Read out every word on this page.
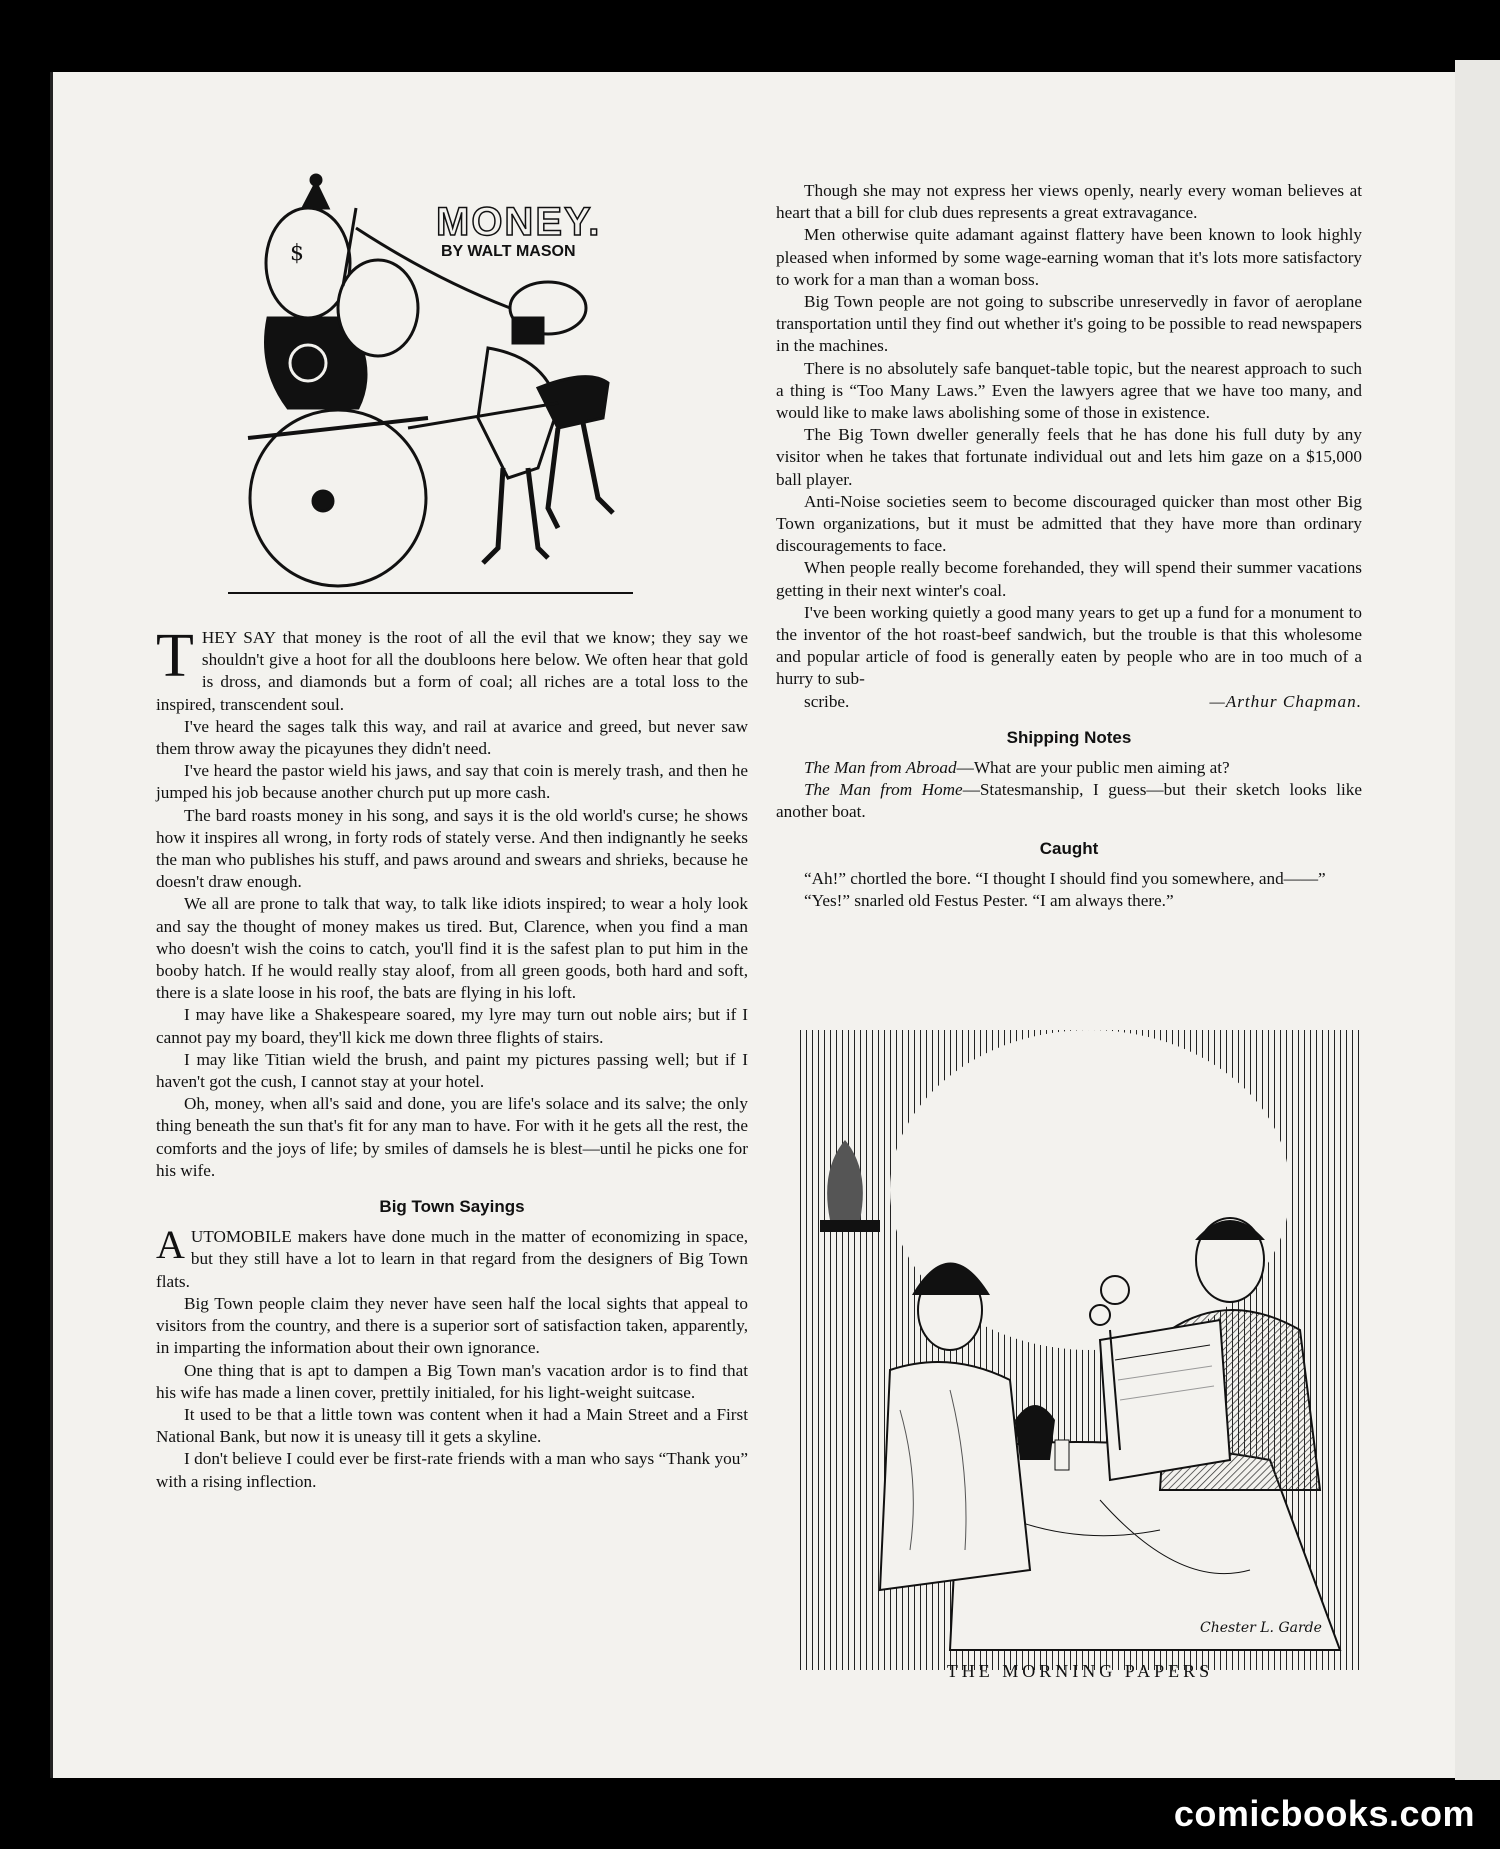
$
MONEY.
BY WALT MASON

THEY SAY that money is the root of all the evil that we know; they say we shouldn't give a hoot for all the doubloons here below. We often hear that gold is dross, and diamonds but a form of coal; all riches are a total loss to the inspired, transcendent soul.

I've heard the sages talk this way, and rail at avarice and greed, but never saw them throw away the picayunes they didn't need.

I've heard the pastor wield his jaws, and say that coin is merely trash, and then he jumped his job because another church put up more cash.

The bard roasts money in his song, and says it is the old world's curse; he shows how it inspires all wrong, in forty rods of stately verse. And then indignantly he seeks the man who publishes his stuff, and paws around and swears and shrieks, because he doesn't draw enough.

We all are prone to talk that way, to talk like idiots inspired; to wear a holy look and say the thought of money makes us tired. But, Clarence, when you find a man who doesn't wish the coins to catch, you'll find it is the safest plan to put him in the booby hatch. If he would really stay aloof, from all green goods, both hard and soft, there is a slate loose in his roof, the bats are flying in his loft.

I may have like a Shakespeare soared, my lyre may turn out noble airs; but if I cannot pay my board, they'll kick me down three flights of stairs.

I may like Titian wield the brush, and paint my pictures passing well; but if I haven't got the cush, I cannot stay at your hotel.

Oh, money, when all's said and done, you are life's solace and its salve; the only thing beneath the sun that's fit for any man to have. For with it he gets all the rest, the comforts and the joys of life; by smiles of damsels he is blest—until he picks one for his wife.

Big Town Sayings

AUTOMOBILE makers have done much in the matter of economizing in space, but they still have a lot to learn in that regard from the designers of Big Town flats.

Big Town people claim they never have seen half the local sights that appeal to visitors from the country, and there is a superior sort of satisfaction taken, apparently, in imparting the information about their own ignorance.

One thing that is apt to dampen a Big Town man's vacation ardor is to find that his wife has made a linen cover, prettily initialed, for his light-weight suitcase.

It used to be that a little town was content when it had a Main Street and a First National Bank, but now it is uneasy till it gets a skyline.

I don't believe I could ever be first-rate friends with a man who says “Thank you” with a rising inflection.

Though she may not express her views openly, nearly every woman believes at heart that a bill for club dues represents a great extravagance.

Men otherwise quite adamant against flattery have been known to look highly pleased when informed by some wage-earning woman that it's lots more satisfactory to work for a man than a woman boss.

Big Town people are not going to subscribe unreservedly in favor of aeroplane transportation until they find out whether it's going to be possible to read newspapers in the machines.

There is no absolutely safe banquet-table topic, but the nearest approach to such a thing is “Too Many Laws.” Even the lawyers agree that we have too many, and would like to make laws abolishing some of those in existence.

The Big Town dweller generally feels that he has done his full duty by any visitor when he takes that fortunate individual out and lets him gaze on a $15,000 ball player.

Anti-Noise societies seem to become discouraged quicker than most other Big Town organizations, but it must be admitted that they have more than ordinary discouragements to face.

When people really become forehanded, they will spend their summer vacations getting in their next winter's coal.

I've been working quietly a good many years to get up a fund for a monument to the inventor of the hot roast-beef sandwich, but the trouble is that this wholesome and popular article of food is generally eaten by people who are in too much of a hurry to sub-

scribe.	—Arthur Chapman.

Shipping Notes

The Man from Abroad—What are your public men aiming at?

The Man from Home—Statesmanship, I guess—but their sketch looks like another boat.

Caught

“Ah!” chortled the bore. “I thought I should find you somewhere, and——”

“Yes!” snarled old Festus Pester. “I am always there.”

Chester L. Garde
THE MORNING PAPERS
comicbooks.com
